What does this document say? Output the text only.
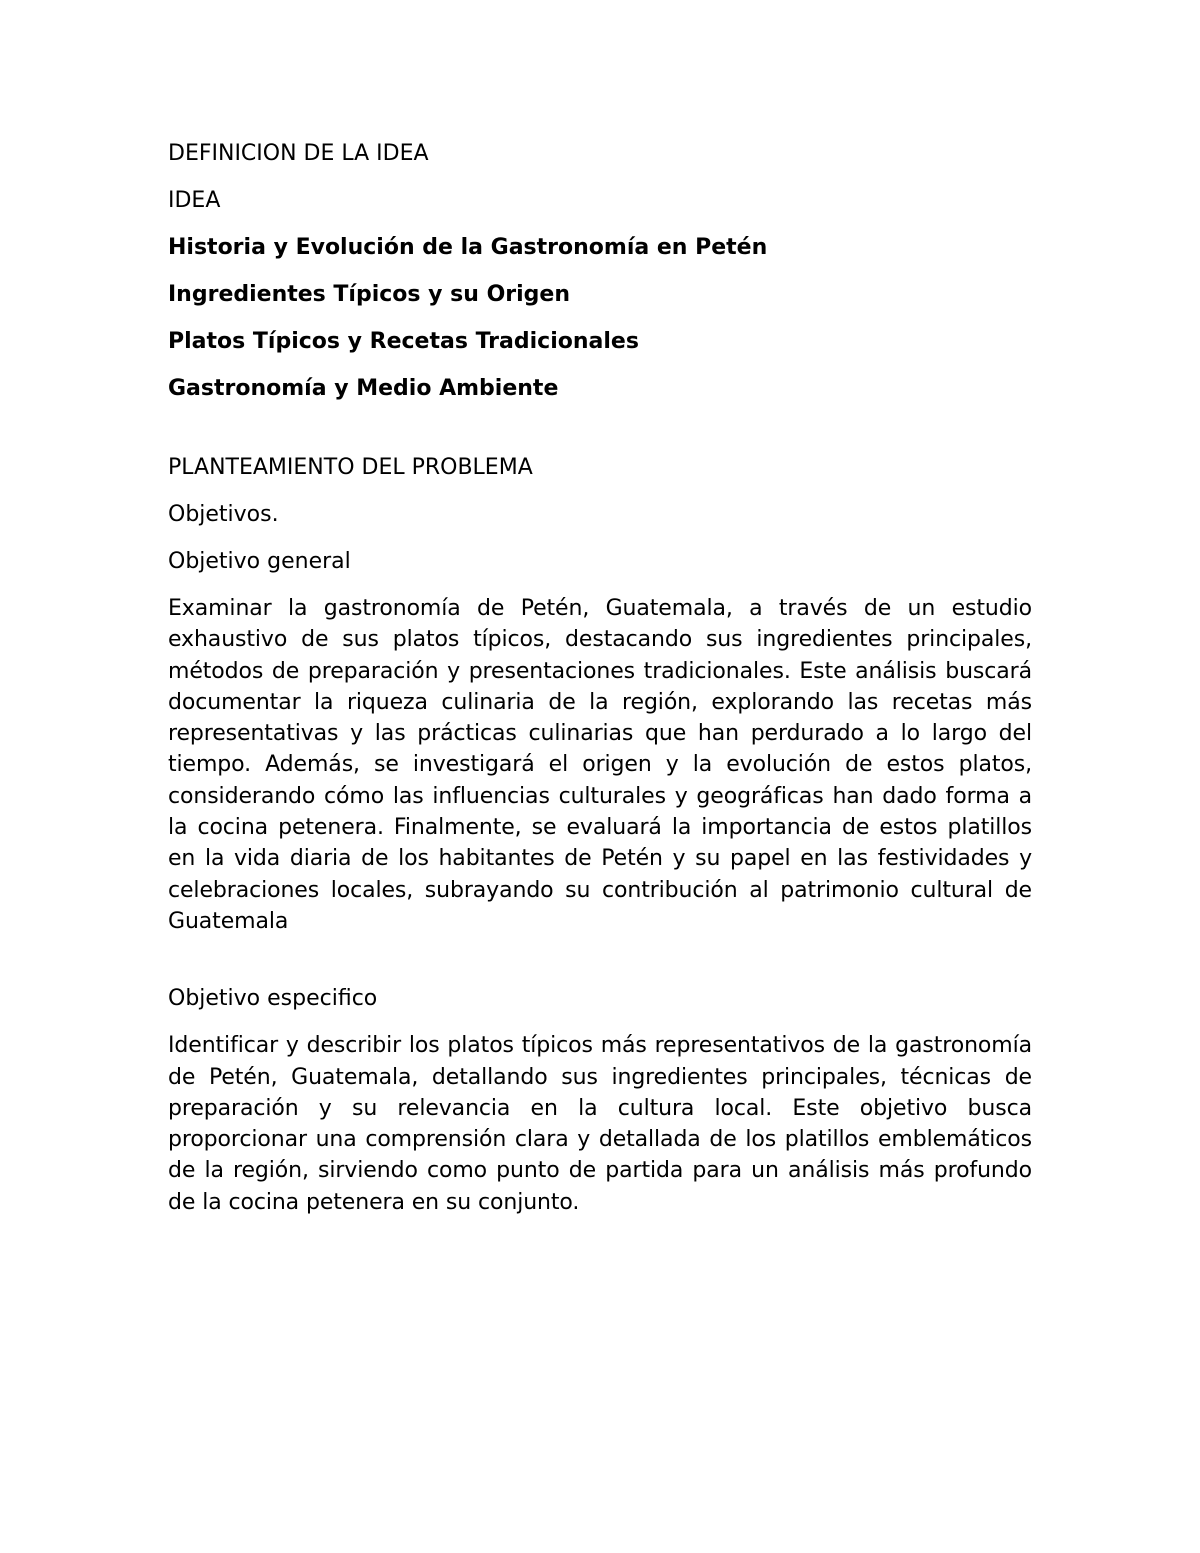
DEFINICION DE LA IDEA

IDEA

Historia y Evolución de la Gastronomía en Petén

Ingredientes Típicos y su Origen

Platos Típicos y Recetas Tradicionales

Gastronomía y Medio Ambiente

PLANTEAMIENTO DEL PROBLEMA

Objetivos.

Objetivo general

Examinar la gastronomía de Petén, Guatemala, a través de un estudio exhaustivo de sus platos típicos, destacando sus ingredientes principales, métodos de preparación y presentaciones tradicionales. Este análisis buscará documentar la riqueza culinaria de la región, explorando las recetas más representativas y las prácticas culinarias que han perdurado a lo largo del tiempo. Además, se investigará el origen y la evolución de estos platos, considerando cómo las influencias culturales y geográficas han dado forma a la cocina petenera. Finalmente, se evaluará la importancia de estos platillos en la vida diaria de los habitantes de Petén y su papel en las festividades y celebraciones locales, subrayando su contribución al patrimonio cultural de Guatemala

Objetivo especifico

Identificar y describir los platos típicos más representativos de la gastronomía de Petén, Guatemala, detallando sus ingredientes principales, técnicas de preparación y su relevancia en la cultura local. Este objetivo busca proporcionar una comprensión clara y detallada de los platillos emblemáticos de la región, sirviendo como punto de partida para un análisis más profundo de la cocina petenera en su conjunto.
